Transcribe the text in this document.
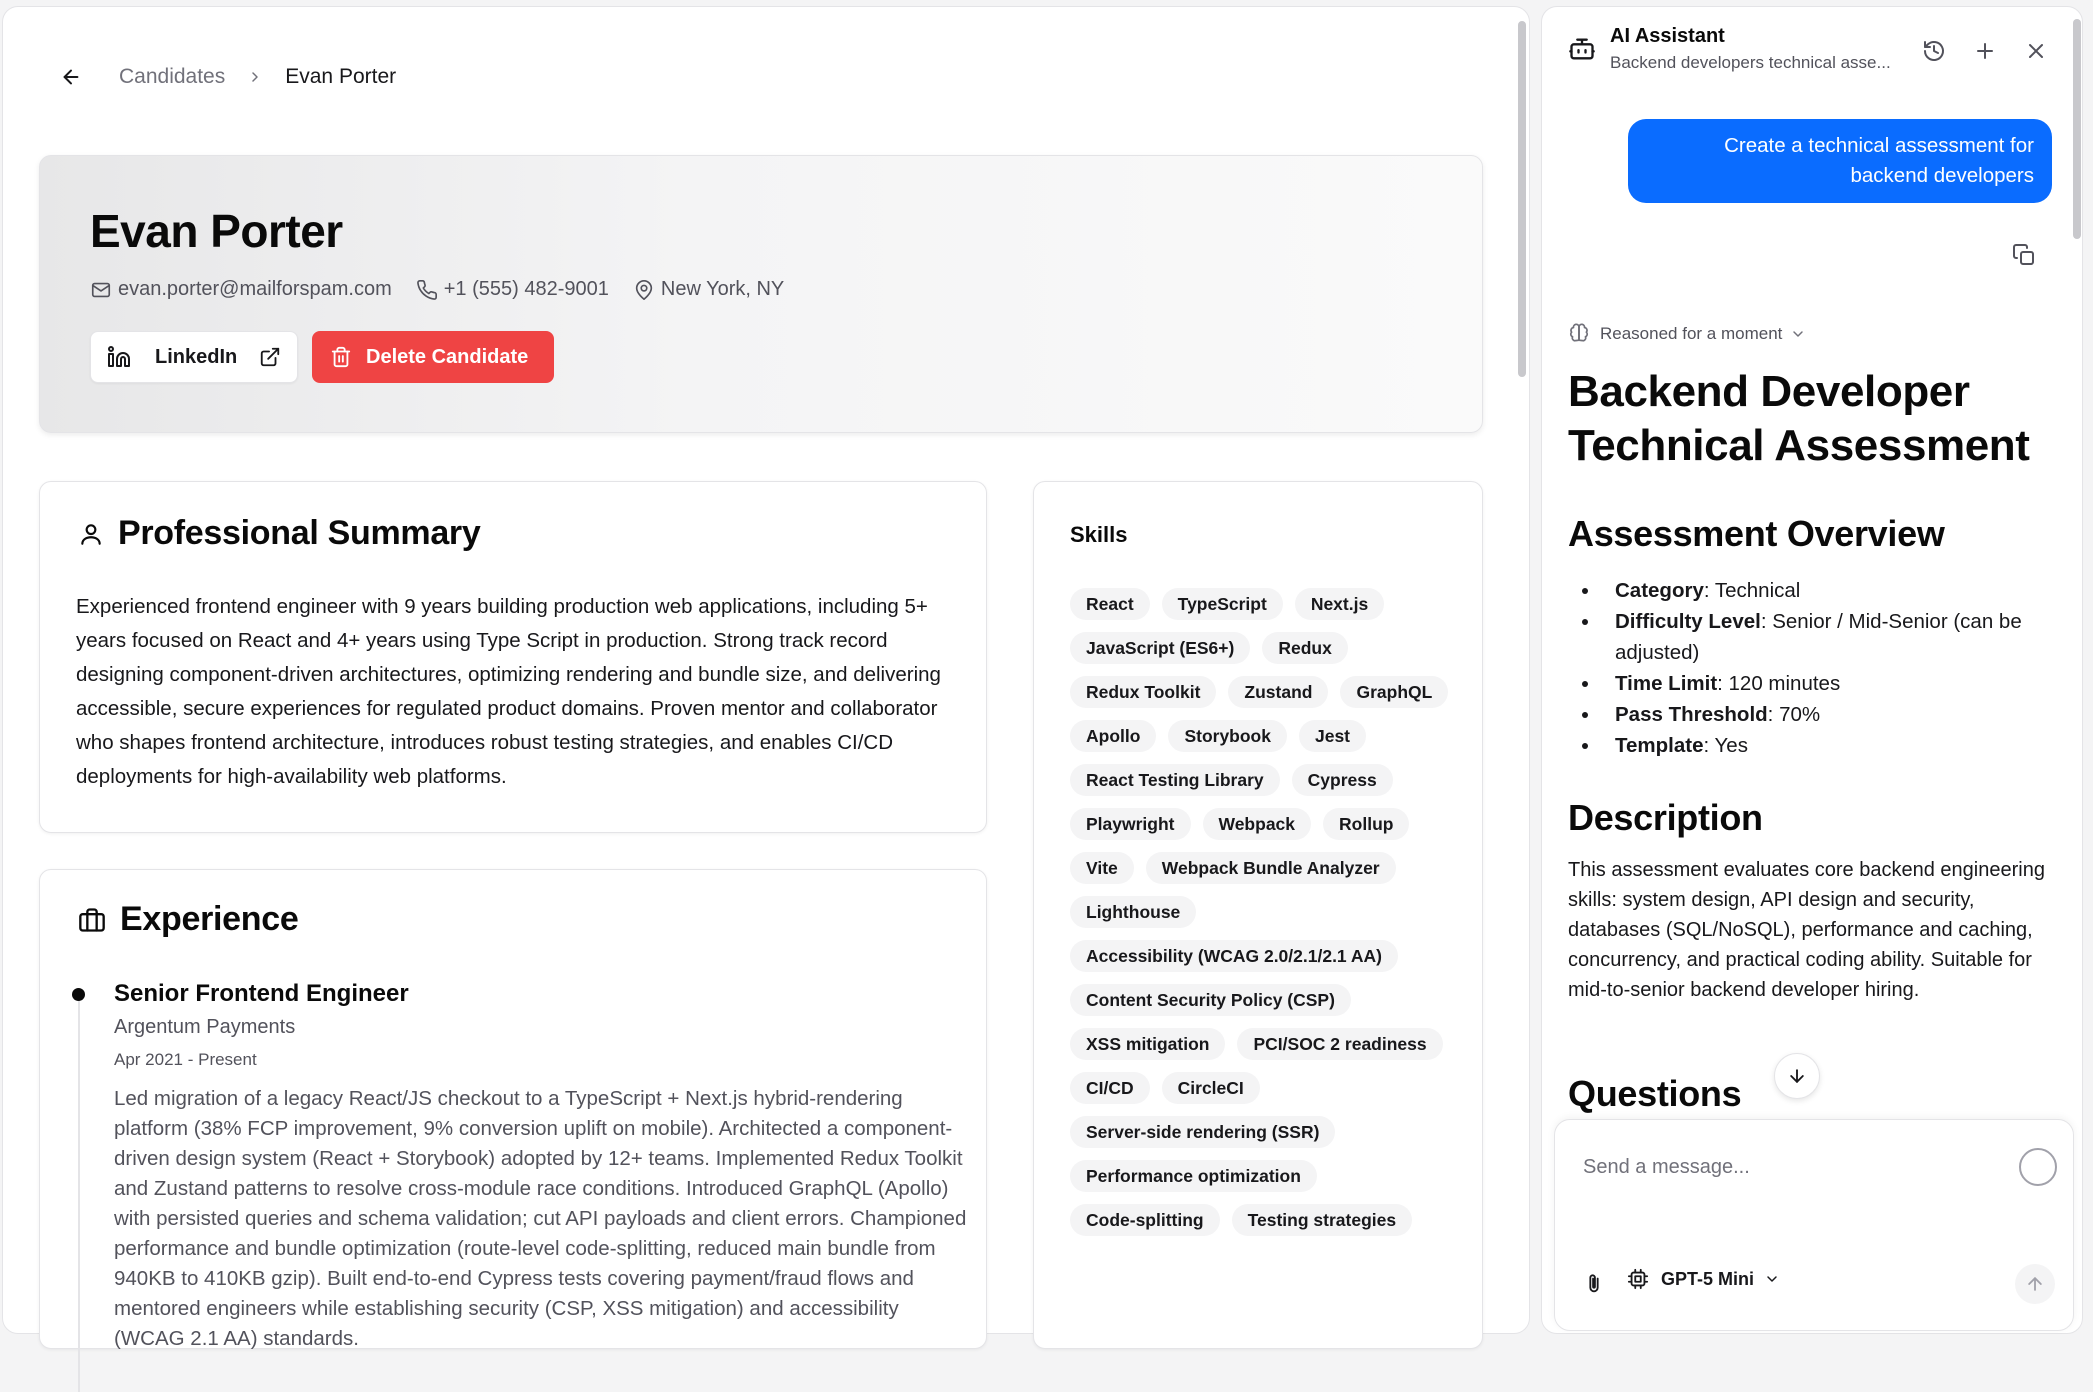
Candidates	Evan Porter
Evan Porter
evan.porter@mailforspam.com	+1 (555) 482-9001	New York, NY
LinkedIn	Delete Candidate
Professional Summary
Experienced frontend engineer with 9 years building production web applications, including 5+ years focused on React and 4+ years using Type Script in production. Strong track record designing component-driven architectures, optimizing rendering and bundle size, and delivering accessible, secure experiences for regulated product domains. Proven mentor and collaborator who shapes frontend architecture, introduces robust testing strategies, and enables CI/CD deployments for high-availability web platforms.
Experience
Senior Frontend Engineer
Argentum Payments
Apr 2021 - Present
Led migration of a legacy React/JS checkout to a TypeScript + Next.js hybrid-rendering platform (38% FCP improvement, 9% conversion uplift on mobile). Architected a component-driven design system (React + Storybook) adopted by 12+ teams. Implemented Redux Toolkit and Zustand patterns to resolve cross-module race conditions. Introduced GraphQL (Apollo) with persisted queries and schema validation; cut API payloads and client errors. Championed performance and bundle optimization (route-level code-splitting, reduced main bundle from 940KB to 410KB gzip). Built end-to-end Cypress tests covering payment/fraud flows and mentored engineers while establishing security (CSP, XSS mitigation) and accessibility (WCAG 2.1 AA) standards.
Skills
React	TypeScript	Next.js
JavaScript (ES6+)	Redux
Redux Toolkit	Zustand	GraphQL
Apollo	Storybook	Jest
React Testing Library	Cypress
Playwright	Webpack	Rollup
Vite	Webpack Bundle Analyzer
Lighthouse
Accessibility (WCAG 2.0/2.1/2.1 AA)
Content Security Policy (CSP)
XSS mitigation	PCI/SOC 2 readiness
CI/CD	CircleCI
Server-side rendering (SSR)
Performance optimization
Code-splitting	Testing strategies
AI Assistant
Backend developers technical asse...
Create a technical assessment for backend developers
Reasoned for a moment
Backend Developer Technical Assessment
Assessment Overview
Category: Technical
Difficulty Level: Senior / Mid-Senior (can be adjusted)
Time Limit: 120 minutes
Pass Threshold: 70%
Template: Yes
Description
This assessment evaluates core backend engineering skills: system design, API design and security, databases (SQL/NoSQL), performance and caching, concurrency, and practical coding ability. Suitable for mid-to-senior backend developer hiring.
Questions
Send a message...
GPT-5 Mini
